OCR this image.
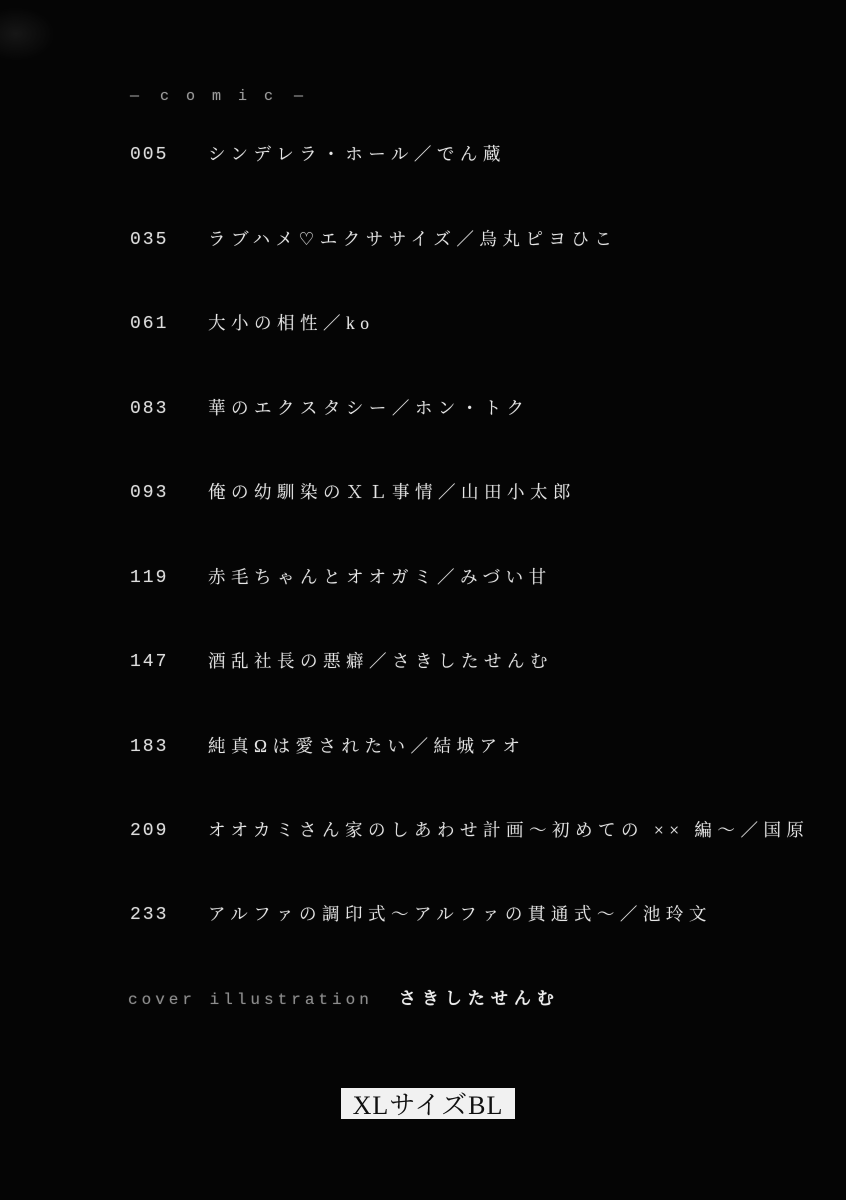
— comic —
005 シンデレラ・ホール／でん蔵
035 ラブハメ♡エクササイズ／烏丸ピヨひこ
061 大小の相性／ko
083 華のエクスタシー／ホン・トク
093 俺の幼馴染のＸＬ事情／山田小太郎
119 赤毛ちゃんとオオガミ／みづい甘
147 酒乱社長の悪癖／さきしたせんむ
183 純真Ωは愛されたい／結城アオ
209 オオカミさん家のしあわせ計画〜初めての ×× 編〜／国原
233 アルファの調印式〜アルファの貫通式〜／池玲文
cover illustration さきしたせんむ
XLサイズBL
